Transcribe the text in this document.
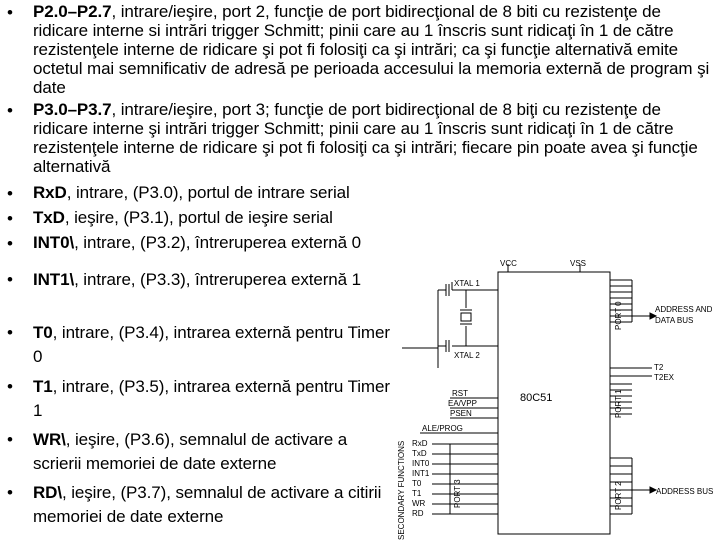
• P2.0–P2.7, intrare/ieşire, port 2, funcţie de port bidirecţional de 8 biti cu rezistenţe de ridicare interne si intrări trigger Schmitt; pinii care au 1 înscris sunt ridicaţi în 1 de către rezistenţele interne de ridicare şi pot fi folosiţi ca şi intrări; ca şi funcţie alternativă emite octetul mai semnificativ de adresă pe perioada accesului la memoria externă de program şi date
• P3.0–P3.7, intrare/ieşire, port 3; funcţie de port bidirecţional de 8 biţi cu rezistenţe de ridicare interne şi intrări trigger Schmitt; pinii care au 1 înscris sunt ridicaţi în 1 de către rezistenţele interne de ridicare şi pot fi folosiţi ca şi intrări; fiecare pin poate avea şi funcţie alternativă
• RxD, intrare, (P3.0), portul de intrare serial
• TxD, ieşire, (P3.1), portul de ieşire serial
• INT0\, intrare, (P3.2), întreruperea externă 0
• INT1\, intrare, (P3.3), întreruperea externă 1
• T0, intrare, (P3.4), intrarea externă pentru Timer 0
• T1, intrare, (P3.5), intrarea externă pentru Timer 1
• WR\, ieşire, (P3.6), semnalul de activare a scrierii memoriei de date externe
• RD\, ieşire, (P3.7), semnalul de activare a citirii memoriei de date externe
VCC	VSS
XTAL 1
XTAL 2
RST
EA/VPP
PSEN
ALE/PROG
ADDRESS AND
DATA BUS
T2
T2EX
ADDRESS BUS
RxD
TxD
INT0
INT1
T0
T1
WR
RD
SECONDARY FUNCTIONS
PORT 0
PORT 1
PORT 2
PORT 3
80C51
